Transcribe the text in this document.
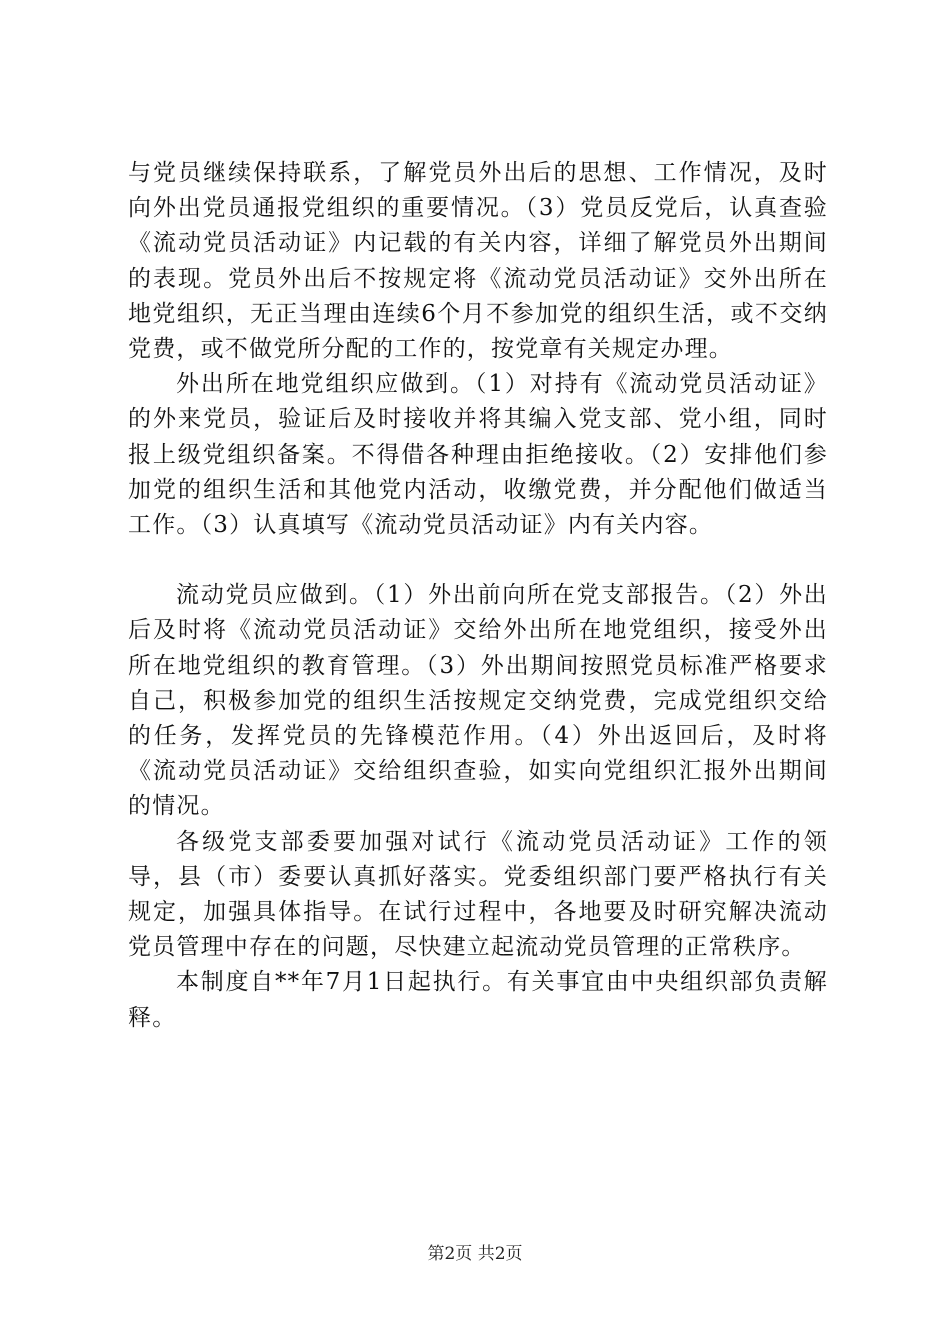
与党员继续保持联系，了解党员外出后的思想、工作情况，及时向外出党员通报党组织的重要情况。（3）党员反党后，认真查验《流动党员活动证》内记载的有关内容，详细了解党员外出期间的表现。党员外出后不按规定将《流动党员活动证》交外出所在地党组织，无正当理由连续6个月不参加党的组织生活，或不交纳党费，或不做党所分配的工作的，按党章有关规定办理。

外出所在地党组织应做到。（1）对持有《流动党员活动证》的外来党员，验证后及时接收并将其编入党支部、党小组，同时报上级党组织备案。不得借各种理由拒绝接收。（2）安排他们参加党的组织生活和其他党内活动，收缴党费，并分配他们做适当工作。（3）认真填写《流动党员活动证》内有关内容。

流动党员应做到。（1）外出前向所在党支部报告。（2）外出后及时将《流动党员活动证》交给外出所在地党组织，接受外出所在地党组织的教育管理。（3）外出期间按照党员标准严格要求自己，积极参加党的组织生活按规定交纳党费，完成党组织交给的任务，发挥党员的先锋模范作用。（4）外出返回后，及时将《流动党员活动证》交给组织查验，如实向党组织汇报外出期间的情况。

各级党支部委要加强对试行《流动党员活动证》工作的领导，县（市）委要认真抓好落实。党委组织部门要严格执行有关规定，加强具体指导。在试行过程中，各地要及时研究解决流动党员管理中存在的问题，尽快建立起流动党员管理的正常秩序。

本制度自**年7月1日起执行。有关事宜由中央组织部负责解释。

第2页 共2页
